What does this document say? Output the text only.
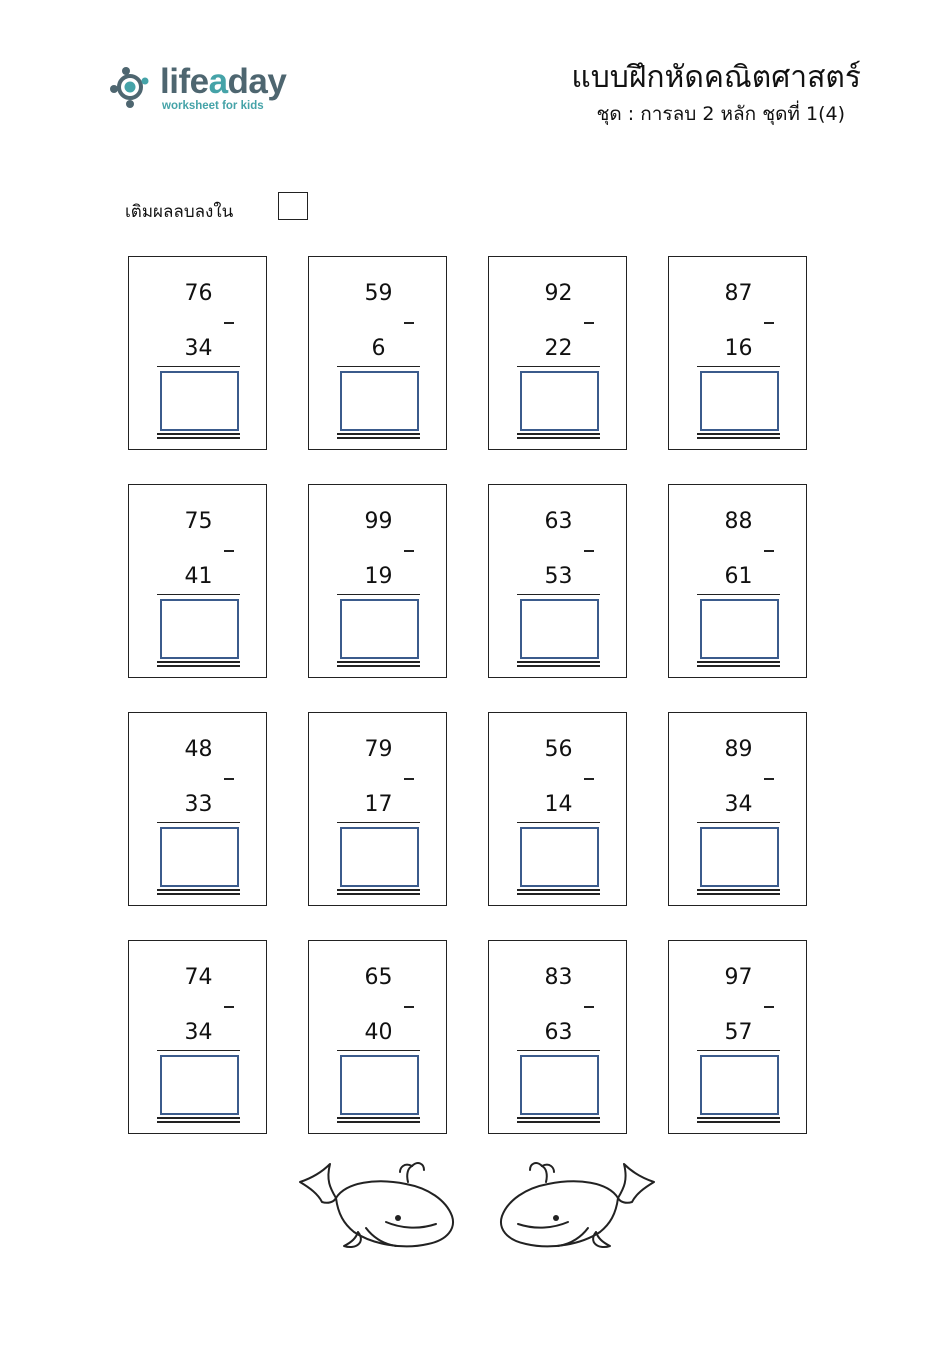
lifeaday
worksheet for kids
แบบฝึกหัดคณิตศาสตร์
ชุด : การลบ 2 หลัก ชุดที่ 1(4)
เติมผลลบลงใน
76
34
59
6
92
22
87
16
75
41
99
19
63
53
88
61
48
33
79
17
56
14
89
34
74
34
65
40
83
63
97
57
